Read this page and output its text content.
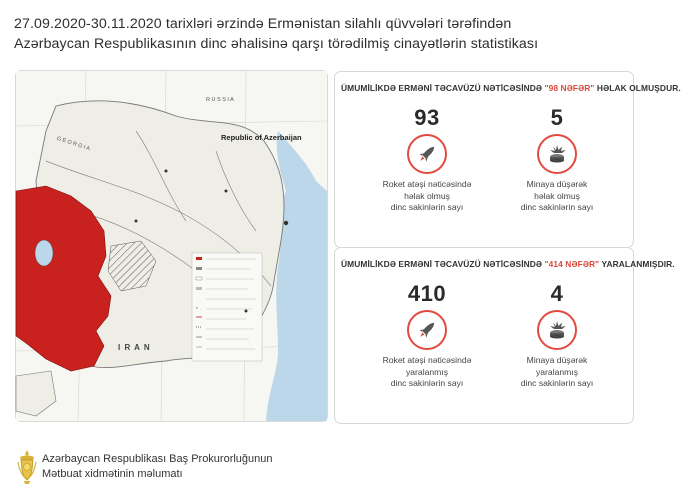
27.09.2020-30.11.2020 tarixləri ərzində Ermənistan silahlı qüvvələri tərəfindən
Azərbaycan Respublikasının dinc əhalisinə qarşı törədilmiş cinayətlərin statistikası
Republic of Azerbaijan
G E O R G I A
R U S S I A
I R A N
ÜMUMİLİKDƏ ERMƏNİ TƏCAVÜZÜ NƏTİCƏSİNDƏ "98 NƏFƏR" HƏLAK OLMUŞDUR.
93
Roket atəşi nəticəsində
həlak olmuş
dinc sakinlərin sayı
5
Minaya düşərək
həlak olmuş
dinc sakinlərin sayı
ÜMUMİLİKDƏ ERMƏNİ TƏCAVÜZÜ NƏTİCƏSİNDƏ "414 NƏFƏR" YARALANMIŞDIR.
410
Roket atəşi nəticəsində
yaralanmış
dinc sakinlərin sayı
4
Minaya düşərək
yaralanmış
dinc sakinlərin sayı
Azərbaycan Respublikası Baş Prokurorluğunun
Mətbuat xidmətinin məlumatı
